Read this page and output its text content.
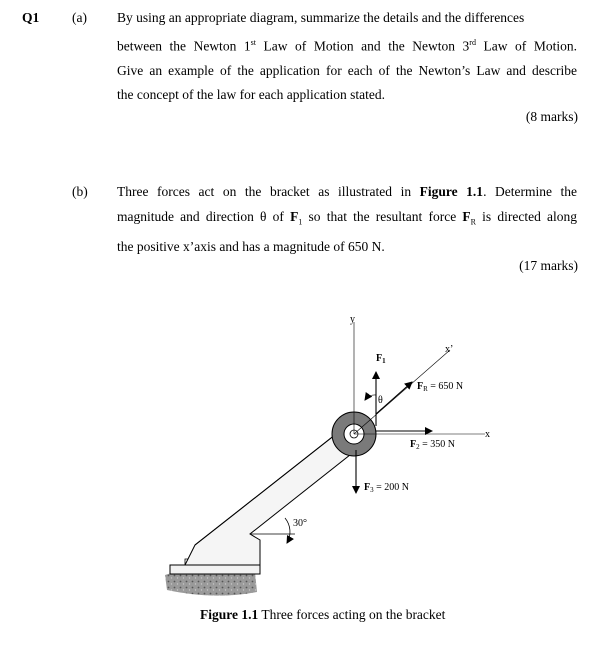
Q1 (a) By using an appropriate diagram, summarize the details and the differences
between the Newton 1st Law of Motion and the Newton 3rd Law of Motion.
Give an example of the application for each of the Newton’s Law and describe
the concept of the law for each application stated.
(8 marks)
(b) Three forces act on the bracket as illustrated in Figure 1.1. Determine the
magnitude and direction θ of $F_1$ so that the resultant force $F_R$ is directed along
the positive x’axis and has a magnitude of 650 N.
(17 marks)
30°
y
x
x’
$F_1$
θ
$F_R = 650$ N
$F_2 = 350$ N
$F_3 = 200$ N
Figure 1.1 Three forces acting on the bracket
